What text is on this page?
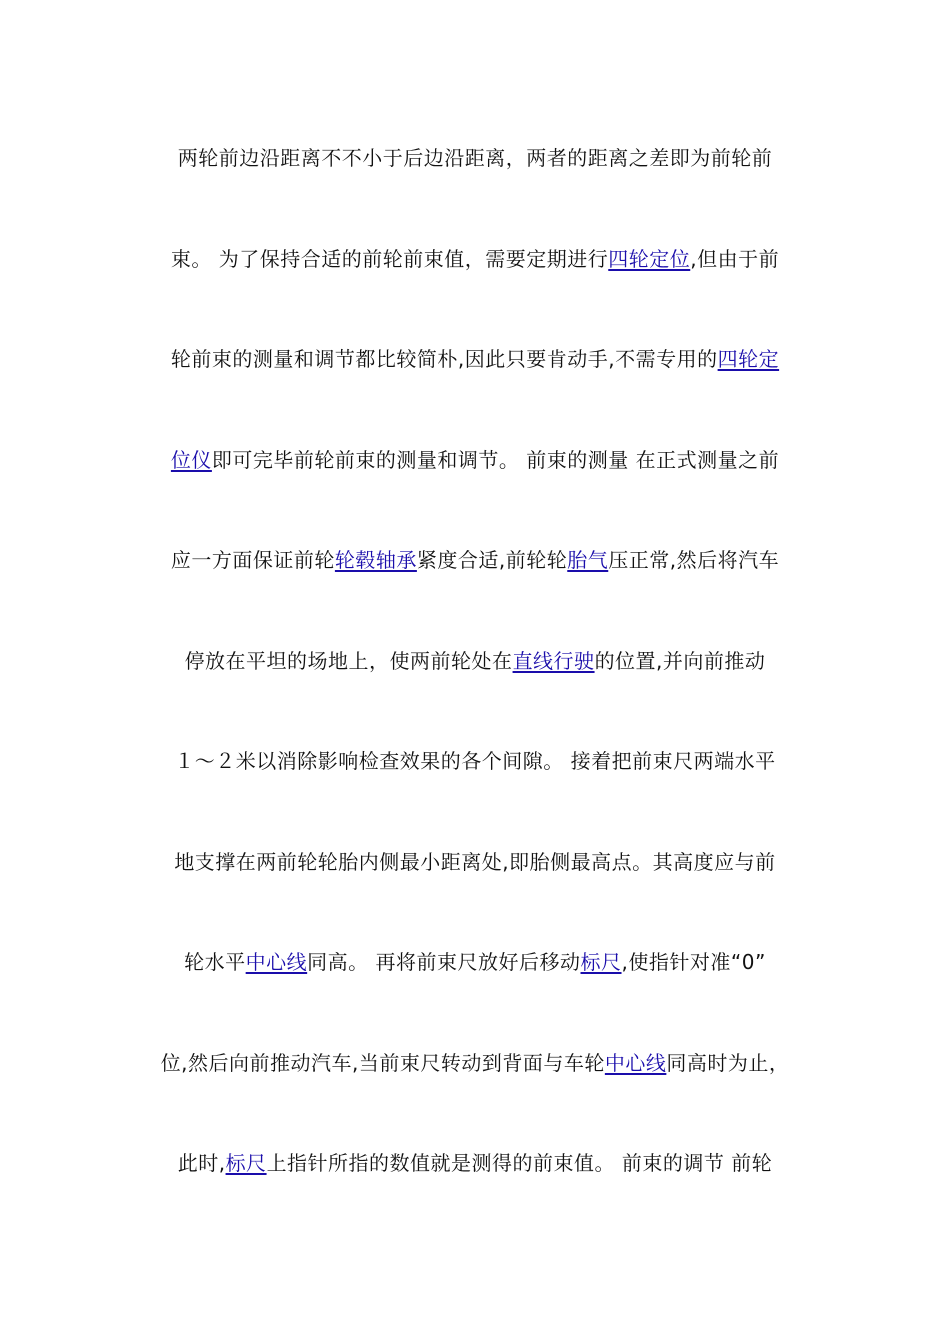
两轮前边沿距离不不小于后边沿距离，两者的距离之差即为前轮前
束。 为了保持合适的前轮前束值，需要定期进行四轮定位,但由于前
轮前束的测量和调节都比较简朴,因此只要肯动手,不需专用的四轮定
位仪即可完毕前轮前束的测量和调节。 前束的测量 在正式测量之前
应一方面保证前轮轮毂轴承紧度合适,前轮轮胎气压正常,然后将汽车
停放在平坦的场地上，使两前轮处在直线行驶的位置,并向前推动
１～２米以消除影响检查效果的各个间隙。 接着把前束尺两端水平
地支撑在两前轮轮胎内侧最小距离处,即胎侧最高点。其高度应与前
轮水平中心线同高。 再将前束尺放好后移动标尺,使指针对准“0”
位,然后向前推动汽车,当前束尺转动到背面与车轮中心线同高时为止，
此时,标尺上指针所指的数值就是测得的前束值。 前束的调节 前轮
